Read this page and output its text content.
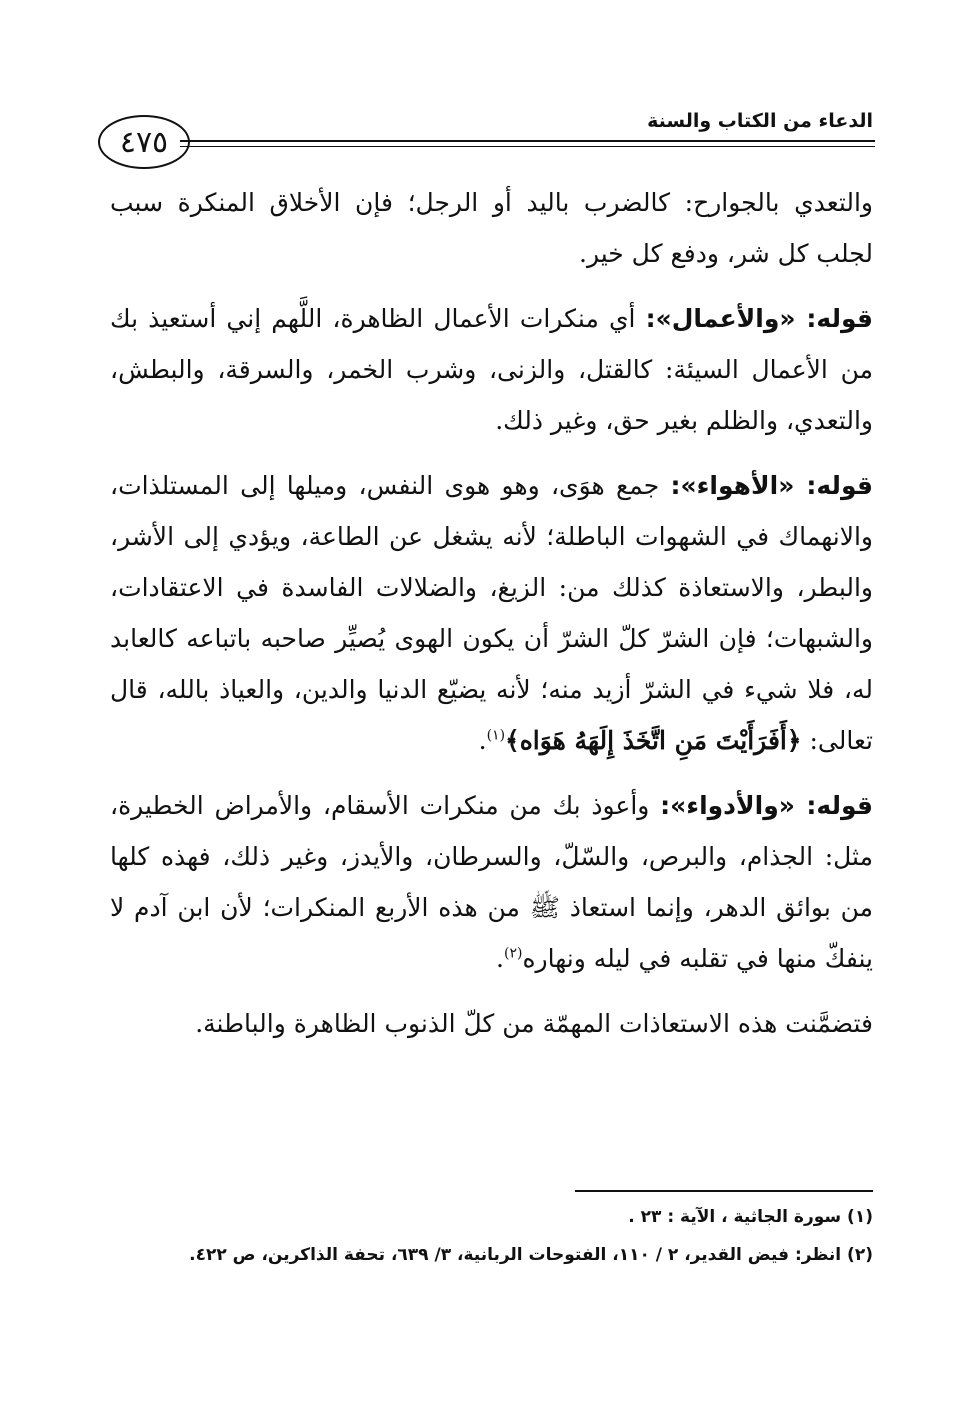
الدعاء من الكتاب والسنة
٤٧٥

والتعدي بالجوارح: كالضرب باليد أو الرجل؛ فإن الأخلاق المنكرة سبب لجلب كل شر، ودفع كل خير.

قوله: «والأعمال»: أي منكرات الأعمال الظاهرة، اللَّهم إني أستعيذ بك من الأعمال السيئة: كالقتل، والزنى، وشرب الخمر، والسرقة، والبطش، والتعدي، والظلم بغير حق، وغير ذلك.

قوله: «الأهواء»: جمع هوَى، وهو هوى النفس، وميلها إلى المستلذات، والانهماك في الشهوات الباطلة؛ لأنه يشغل عن الطاعة، ويؤدي إلى الأشر، والبطر، والاستعاذة كذلك من: الزيغ، والضلالات الفاسدة في الاعتقادات، والشبهات؛ فإن الشرّ كلّ الشرّ أن يكون الهوى يُصيِّر صاحبه باتباعه كالعابد له، فلا شيء في الشرّ أزيد منه؛ لأنه يضيّع الدنيا والدين، والعياذ بالله، قال تعالى: ﴿أَفَرَأَيْتَ مَنِ اتَّخَذَ إِلَهَهُ هَوَاه﴾$^{(١)}$.

قوله: «والأدواء»: وأعوذ بك من منكرات الأسقام، والأمراض الخطيرة، مثل: الجذام، والبرص، والسّلّ، والسرطان، والأيدز، وغير ذلك، فهذه كلها من بوائق الدهر، وإنما استعاذ ﷺ من هذه الأربع المنكرات؛ لأن ابن آدم لا ينفكّ منها في تقلبه في ليله ونهاره$^{(٢)}$.

فتضمَّنت هذه الاستعاذات المهمّة من كلّ الذنوب الظاهرة والباطنة.

(١) سورة الجاثية ، الآية : ٢٣ .

(٢) انظر: فيض القدير، ٢ / ١١٠، الفتوحات الربانية، ٣/ ٦٣٩، تحفة الذاكرين، ص ٤٢٢.
